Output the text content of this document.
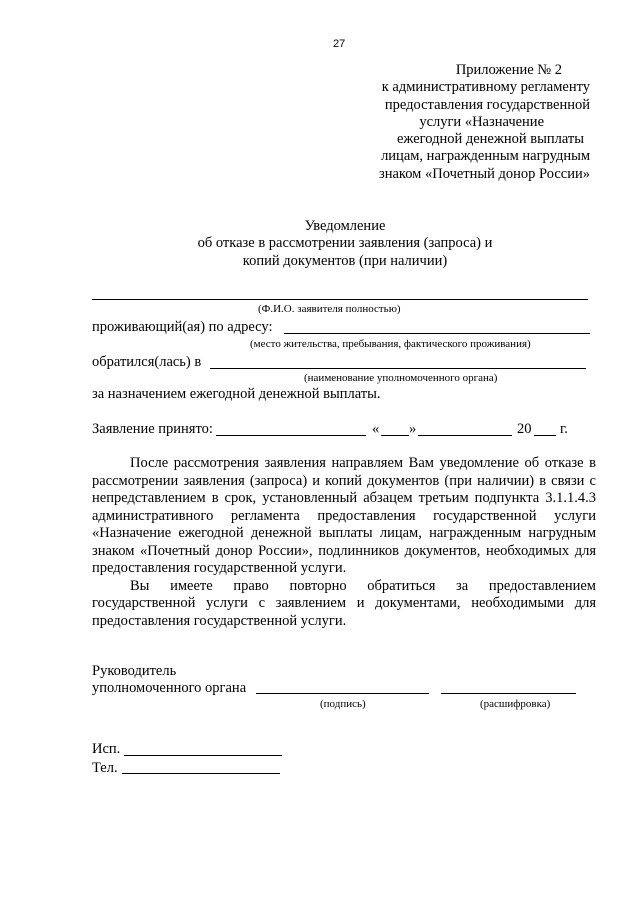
27
Приложение № 2
к административному регламенту
предоставления государственной
услуги «Назначение
ежегодной денежной выплаты
лицам, награжденным нагрудным
знаком «Почетный донор России»
Уведомление
об отказе в рассмотрении заявления (запроса) и
копий документов (при наличии)
(Ф.И.О. заявителя полностью)
проживающий(ая) по адресу:
(место жительства, пребывания, фактического проживания)
обратился(лась) в
(наименование уполномоченного органа)
за назначением ежегодной денежной выплаты.
Заявление принято:	« »	20 г.
После рассмотрения заявления направляем Вам уведомление об отказе в рассмотрении заявления (запроса) и копий документов (при наличии) в связи с непредставлением в срок, установленный абзацем третьим подпункта 3.1.1.4.3 административного регламента предоставления государственной услуги «Назначение ежегодной денежной выплаты лицам, награжденным нагрудным знаком «Почетный донор России», подлинников документов, необходимых для предоставления государственной услуги.
Вы имеете право повторно обратиться за предоставлением государственной услуги с заявлением и документами, необходимыми для предоставления государственной услуги.
Руководитель
уполномоченного органа
(подпись)	(расшифровка)
Исп.
Тел.
